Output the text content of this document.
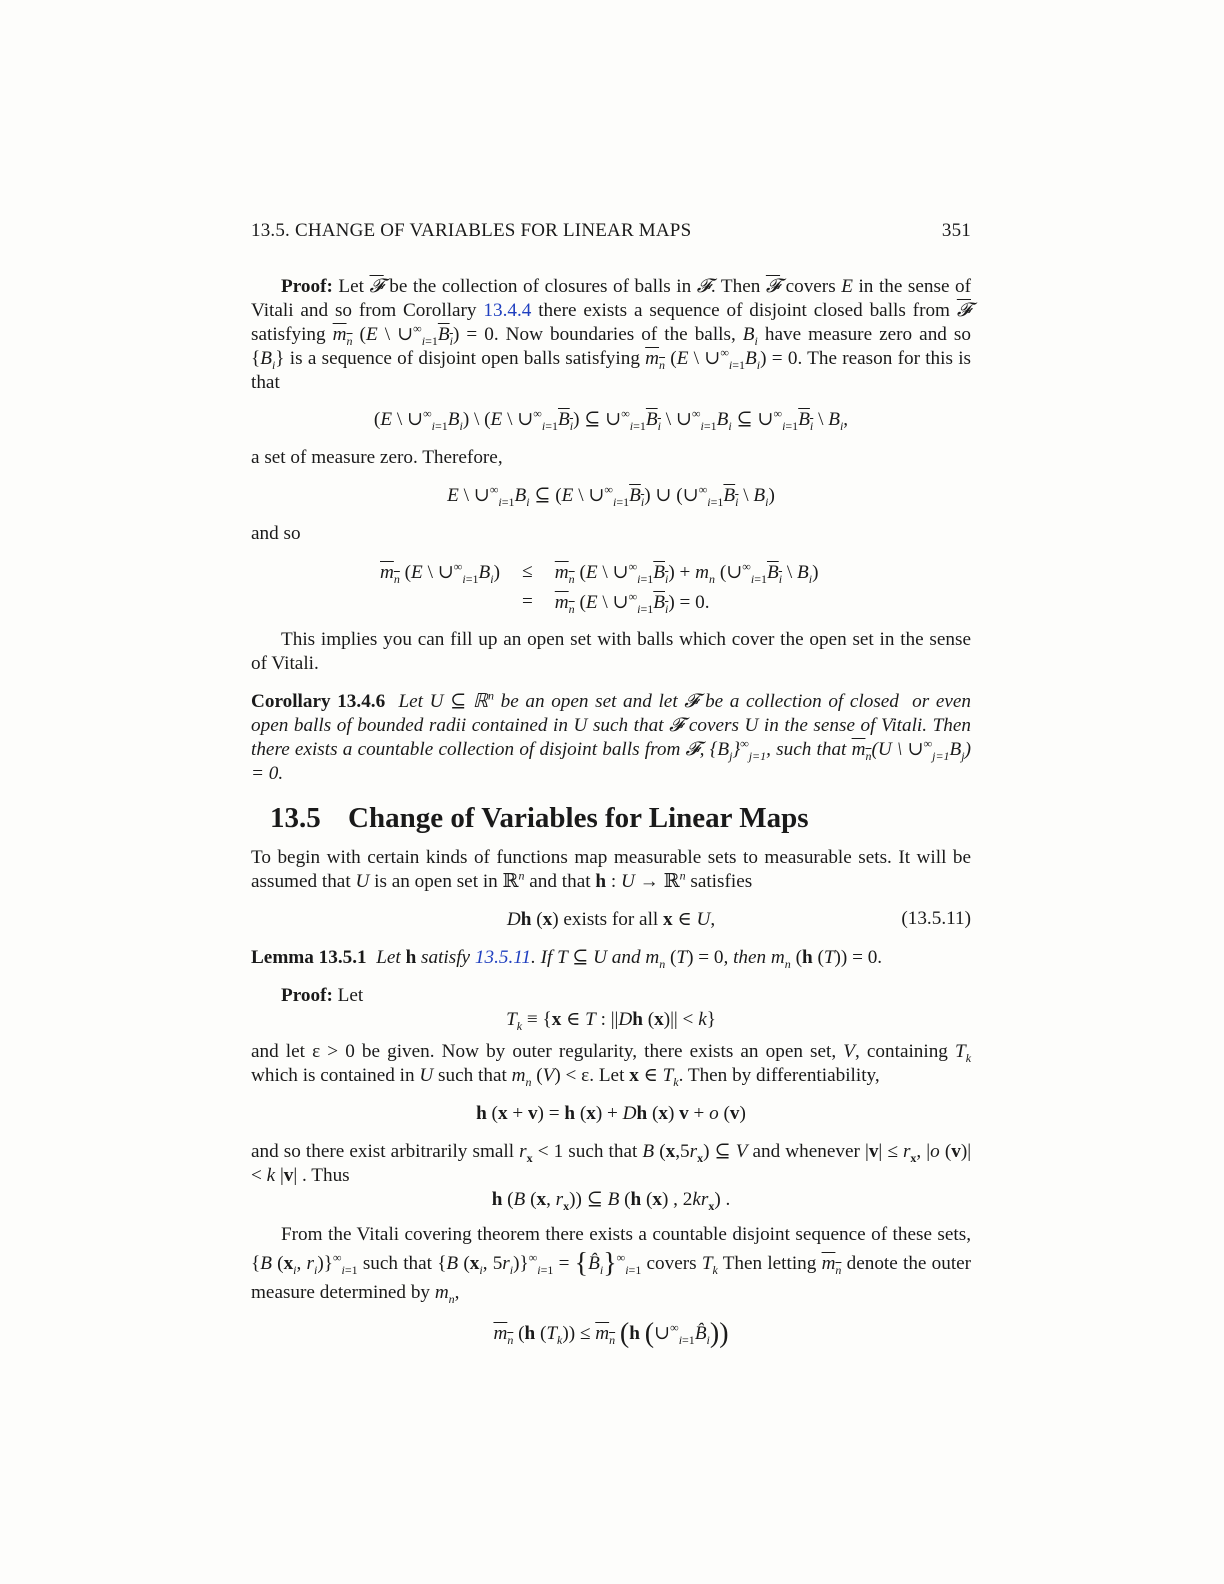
13.5. CHANGE OF VARIABLES FOR LINEAR MAPS	351
Proof: Let 𝓕 be the collection of closures of balls in 𝓕. Then 𝓕 covers E in the sense of Vitali and so from Corollary 13.4.4 there exists a sequence of disjoint closed balls from 𝓕 satisfying $m_n$ (E \ $\cup^\infty_{i=1}B_i) = 0$. Now boundaries of the balls, $B_i$ have measure zero and so $\{B_i\}$ is a sequence of disjoint open balls satisfying $m_n$ (E \ $\cup^\infty_{i=1}B_i) = 0$. The reason for this is that
(E \ $\cup^\infty_{i=1}B_i$) \ (E \ $\cup^\infty_{i=1}B_i$) ⊆ $\cup^\infty_{i=1}B_i$ \ $\cup^\infty_{i=1}B_i$ ⊆ $\cup^\infty_{i=1}B_i$ \ $B_i$,
a set of measure zero. Therefore,
E \ $\cup^\infty_{i=1}B_i$ ⊆ (E \ $\cup^\infty_{i=1}B_i$) ∪ ($\cup^\infty_{i=1}B_i$ \ $B_i$)
and so
$m_n$ (E \ $\cup^\infty_{i=1}B_i$)	≤	$m_n$ (E \ $\cup^\infty_{i=1}B_i) + m_n$ ($\cup^\infty_{i=1}B_i$ \ $B_i$)
	=	$m_n$ (E \ $\cup^\infty_{i=1}B_i) = 0$.
This implies you can fill up an open set with balls which cover the open set in the sense of Vitali.
Corollary 13.4.6 Let U ⊆ ℝ$^n$ be an open set and let 𝓕 be a collection of closed  or even open balls of bounded radii contained in U such that 𝓕 covers U in the sense of Vitali. Then there exists a countable collection of disjoint balls from 𝓕, $\{B_j\}^\infty_{j=1}$, such that $m_n(U$ \ $\cup^\infty_{j=1}B_j) = 0$.
13.5 Change of Variables for Linear Maps
To begin with certain kinds of functions map measurable sets to measurable sets. It will be assumed that U is an open set in ℝ$^n$ and that h : U → ℝ$^n$ satisfies
Dh (x) exists for all x ∈ U,	(13.5.11)
Lemma 13.5.1 Let h satisfy 13.5.11. If T ⊆ U and $m_n$ (T) = 0, then $m_n$ (h (T)) = 0.
Proof: Let
$T_k \equiv \{x$ ∈ T : ||Dh (x)|| < k}
and let ε > 0 be given. Now by outer regularity, there exists an open set, V, containing $T_k$ which is contained in U such that $m_n$ (V) < ε. Let x ∈ $T_k$. Then by differentiability,
h (x + v) = h (x) + Dh (x) v + o (v)
and so there exist arbitrarily small $r_x < 1$ such that B $(x,5r_x)$ ⊆ V and whenever $|v| \le r_x$, |o (v)| < k |v| . Thus
h (B (x, $r_x$)) ⊆ B (h (x) , $2kr_x$) .
From the Vitali covering theorem there exists a countable disjoint sequence of these sets, {B ($x_i$, $r_i)\}^\infty_{i=1}$ such that {B ($x_i$, $5r_i)\}^\infty_{i=1}$ = $\{B̂_i\}^\infty_{i=1}$ covers $T_k$ Then letting $m_n$ denote the outer measure determined by $m_n$,
$m_n$ (h $(T_k)) \le m_n$ (h $(\cup^\infty_{i=1}B̂_i)$)
